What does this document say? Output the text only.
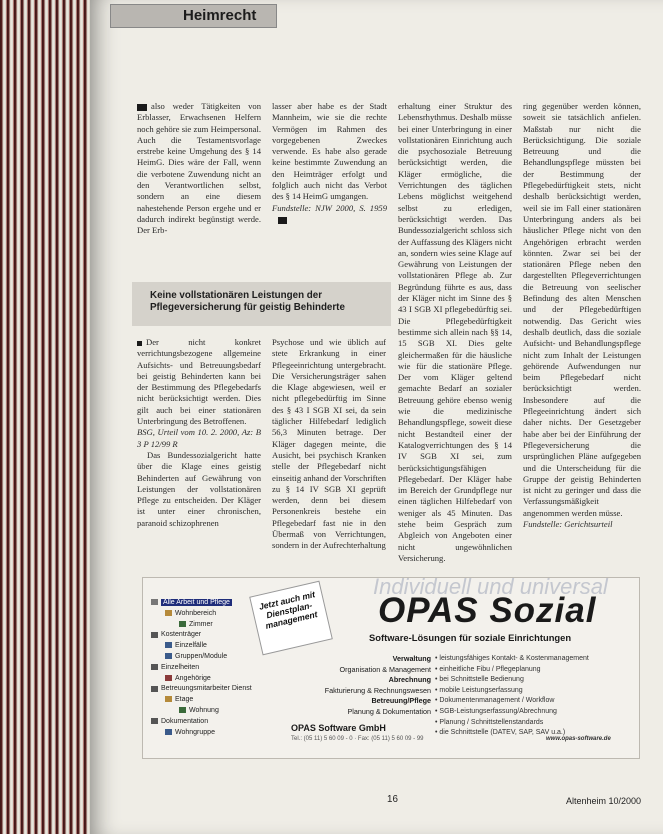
Heimrecht
also weder Tätigkeiten von Erblasser, Erwachsenen Helfern noch gehöre sie zum Heimpersonal. Auch die Testamentsvorlage erstrebe keine Umgehung des § 14 HeimG. Dies wäre der Fall, wenn die verbotene Zuwendung nicht an den Verantwortlichen selbst, sondern an eine diesem nahestehende Person ergehe und er dadurch indirekt begünstigt werde. Der Erb-

lasser aber habe es der Stadt Mannheim, wie sie die rechte Vermögen im Rahmen des vorgegebenen Zweckes verwende. Es habe also gerade keine bestimmte Zuwendung an den Heimträger erfolgt und folglich auch nicht das Verbot des § 14 HeimG umgangen.

Fundstelle: NJW 2000, S. 1959

Keine vollstationären Leistungen der Pflegeversicherung für geistig Behinderte

Der nicht konkret verrichtungsbezogene allgemeine Aufsichts- und Betreuungsbedarf bei geistig Behinderten kann bei der Bestimmung des Pflegebedarfs nicht berücksichtigt werden. Dies gilt auch bei einer stationären Unterbringung des Betroffenen.

BSG, Urteil vom 10. 2. 2000, Az: B 3 P 12/99 R

Das Bundessozialgericht hatte über die Klage eines geistig Behinderten auf Gewährung von Leistungen der vollstationären Pflege zu entscheiden. Der Kläger ist unter einer chronischen, paranoid schizophrenen

Psychose und wie üblich auf stete Erkrankung in einer Pflegeeinrichtung untergebracht. Die Versicherungsträger sahen die Klage abgewiesen, weil er nicht pflegebedürftig im Sinne des § 43 I SGB XI sei, da sein täglicher Hilfebedarf lediglich 56,3 Minuten betrage. Der Kläger dagegen meinte, die Ausicht, bei psychisch Kranken stelle der Pflegebedarf nicht einseitig anhand der Vorschriften zu § 14 IV SGB XI geprüft werden, denn bei diesem Personenkreis bestehe ein Pflegebedarf fast nie in den Übermaß von Verrichtungen, sondern in der Aufrechterhaltung

erhaltung einer Struktur des Lebensrhythmus. Deshalb müsse bei einer Unterbringung in einer vollstationären Einrichtung auch die psychosoziale Betreuung berücksichtigt werden, die Kläger ermögliche, die Verrichtungen des täglichen Lebens möglichst weitgehend selbst zu erledigen, berücksichtigt werden. Das Bundessozialgericht schloss sich der Auffassung des Klägers nicht an, sondern wies seine Klage auf Gewährung von Leistungen der vollstationären Pflege ab. Zur Begründung führte es aus, dass der Kläger nicht im Sinne des § 43 I SGB XI pflegebedürftig sei. Die Pflegebedürftigkeit bestimme sich allein nach §§ 14, 15 SGB XI. Dies gelte gleichermaßen für die häusliche wie für die stationäre Pflege. Der vom Kläger geltend gemachte Bedarf an sozialer Betreuung gehöre ebenso wenig wie die medizinische Behandlungspflege, soweit diese nicht Bestandteil einer der Katalogverrichtungen des § 14 IV SGB XI sei, zum berücksichtigungsfähigen Pflegebedarf. Der Kläger habe im Bereich der Grundpflege nur einen täglichen Hilfebedarf von weniger als 45 Minuten. Das stehe beim Gespräch zum Abgleich von Angeboten einer nicht ungewöhnlichen Versicherung.

ring gegenüber werden können, soweit sie tatsächlich anfielen. Maßstab nur nicht die Berücksichtigung. Die soziale Betreuung und die Behandlungspflege müssten bei der Bestimmung der Pflegebedürftigkeit stets, nicht deshalb berücksichtigt werden, weil sie im Fall einer stationären Unterbringung anders als bei häuslicher Pflege nicht von den Angehörigen erbracht werden könnten. Zwar sei bei der stationären Pflege neben den dargestellten Pflegeverrichtungen die Betreuung von seelischer Befindung des alten Menschen und der Pflegebedürftigen notwendig. Das Gericht wies deshalb deutlich, dass die soziale Aufsicht- und Behandlungspflege nicht zum Inhalt der Leistungen gehörende Aufwendungen nur beim Pflegebedarf nicht berücksichtigt werden. Insbesondere auf die Pflegeeinrichtung ändert sich daher nichts. Der Gesetzgeber habe aber bei der Einführung der Pflegeversicherung die ursprünglichen Pläne aufgegeben und die Unterscheidung für die Gruppe der geistig Behinderten ist nicht zu geringer und dass die Verfassungsmäßigkeit angenommen werden müsse.

Fundstelle: Gerichtsurteil

Alle Arbeit und Pflege
Wohnbereich
Zimmer
Kostenträger
Einzelfälle
Gruppen/Module
Einzelheiten
Angehörige
Betreuungsmitarbeiter Dienst
Etage
Wohnung
Dokumentation
Wohngruppe
Jetzt auch mit Dienstplan-management
Individuell und universal
OPAS Sozial
Software-Lösungen für soziale Einrichtungen
Verwaltung
Organisation & Management
Abrechnung
Fakturierung & Rechnungswesen
Betreuung/Pflege
Planung & Dokumentation
• leistungsfähiges Kontakt- & Kostenmanagement
• einheitliche Fibu / Pflegeplanung
• bei Schnittstelle Bedienung
• mobile Leistungserfassung
• Dokumentenmanagement / Workflow
• SGB-Leistungserfassung/Abrechnung
• Planung / Schnittstellenstandards
• die Schnittstelle (DATEV, SAP, SAV u.a.)
OPAS Software GmbH
Tel.: (05 11) 5 60 09 - 0 · Fax: (05 11) 5 60 09 - 99	www.opas-software.de
16	Altenheim 10/2000
